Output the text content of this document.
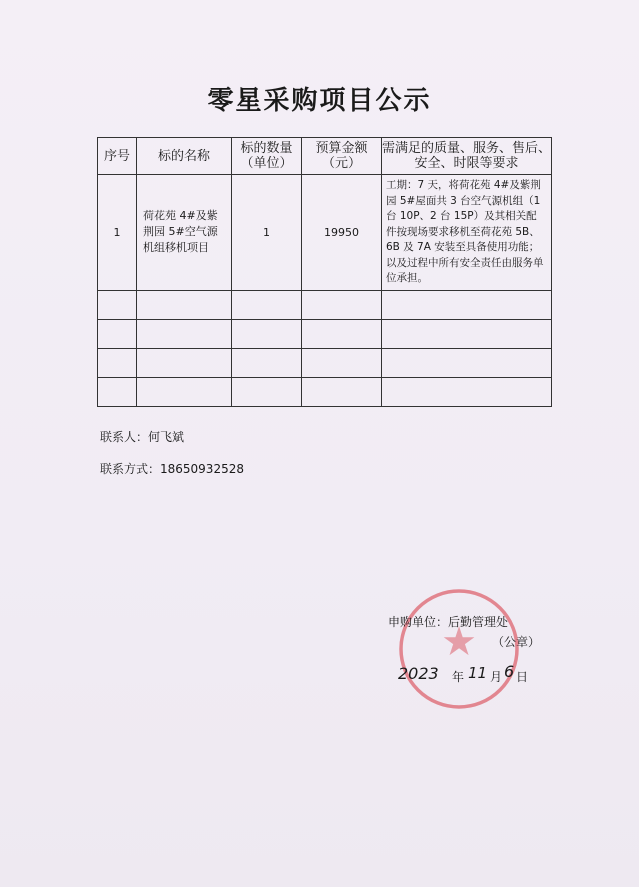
零星采购项目公示
序号	标的名称	标的数量（单位）	预算金额（元）	需满足的质量、服务、售后、安全、时限等要求
1	荷花苑 4#及紫荆园 5#空气源机组移机项目	1	19950	工期：7 天，将荷花苑 4#及紫荆园 5#屋面共 3 台空气源机组（1 台 10P、2 台 15P）及其相关配件按现场要求移机至荷花苑 5B、6B 及 7A 安装至具备使用功能；以及过程中所有安全责任由服务单位承担。

联系人：何飞斌
联系方式：18650932528
★
申购单位：后勤管理处
（公章）
2023 年 11 月 6 日
